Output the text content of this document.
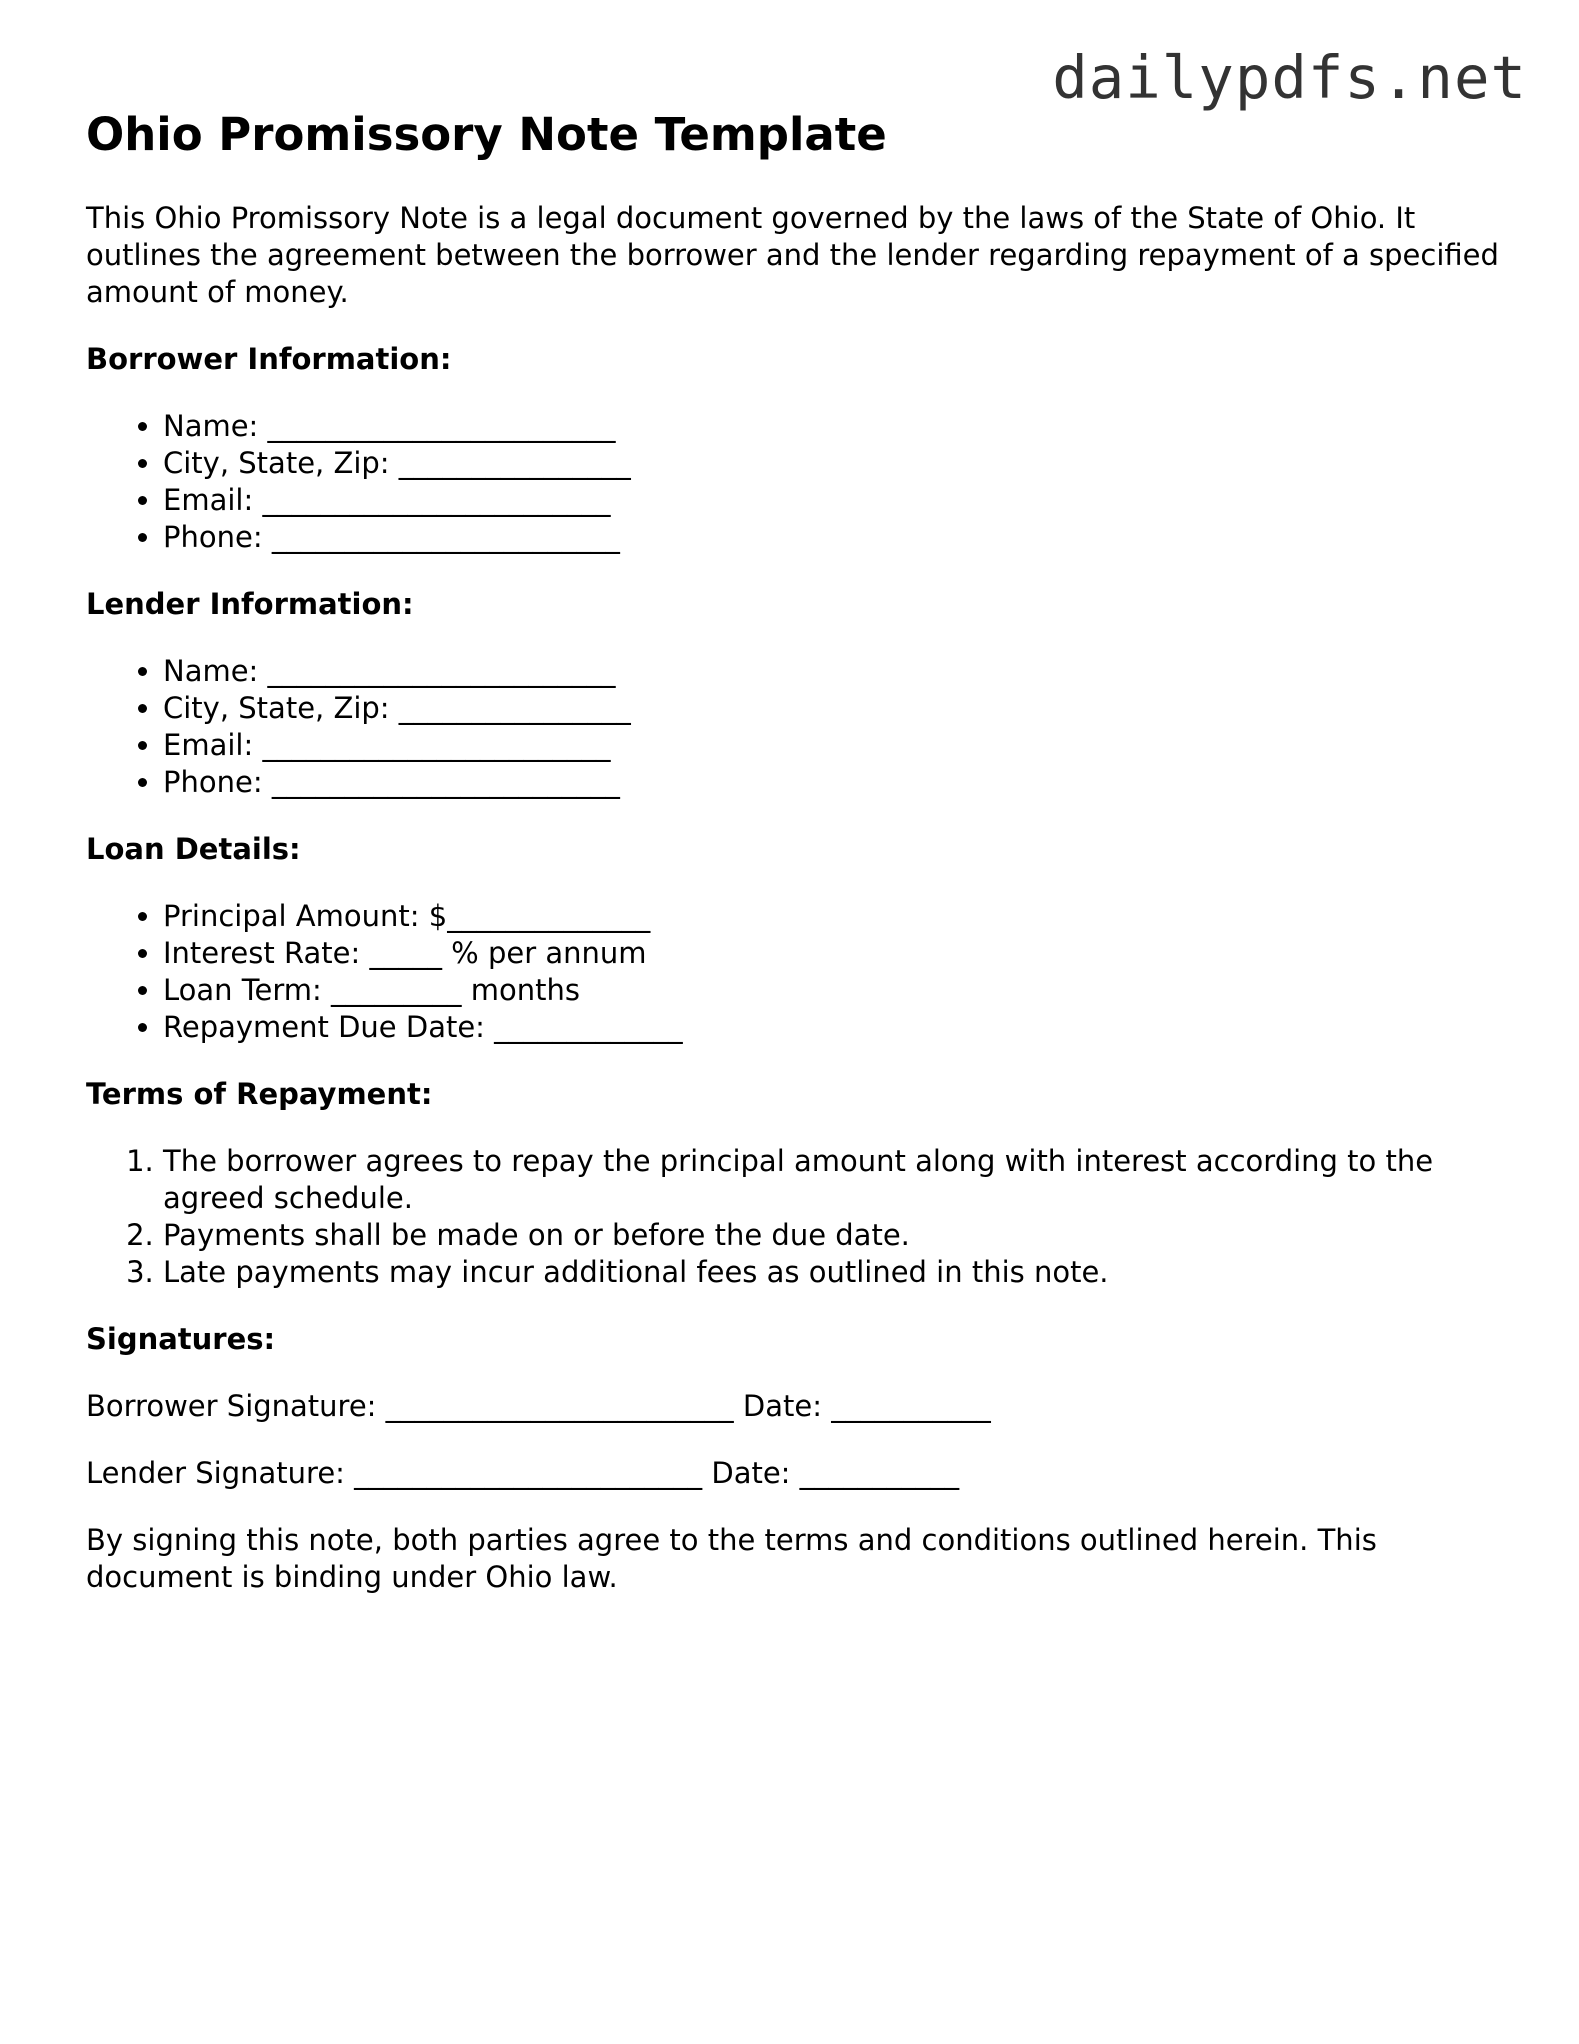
dailypdfs.net
Ohio Promissory Note Template

This Ohio Promissory Note is a legal document governed by the laws of the State of Ohio. It outlines the agreement between the borrower and the lender regarding repayment of a specified amount of money.

Borrower Information:
• Name: ________________________
• City, State, Zip: ________________
• Email: ________________________
• Phone: ________________________
Lender Information:
• Name: ________________________
• City, State, Zip: ________________
• Email: ________________________
• Phone: ________________________
Loan Details:
• Principal Amount: $______________
• Interest Rate: _____ % per annum
• Loan Term: _________ months
• Repayment Due Date: _____________
Terms of Repayment:
1. The borrower agrees to repay the principal amount along with interest according to the agreed schedule.
2. Payments shall be made on or before the due date.
3. Late payments may incur additional fees as outlined in this note.
Signatures:

Borrower Signature: ________________________ Date: ___________

Lender Signature: ________________________ Date: ___________

By signing this note, both parties agree to the terms and conditions outlined herein. This document is binding under Ohio law.
